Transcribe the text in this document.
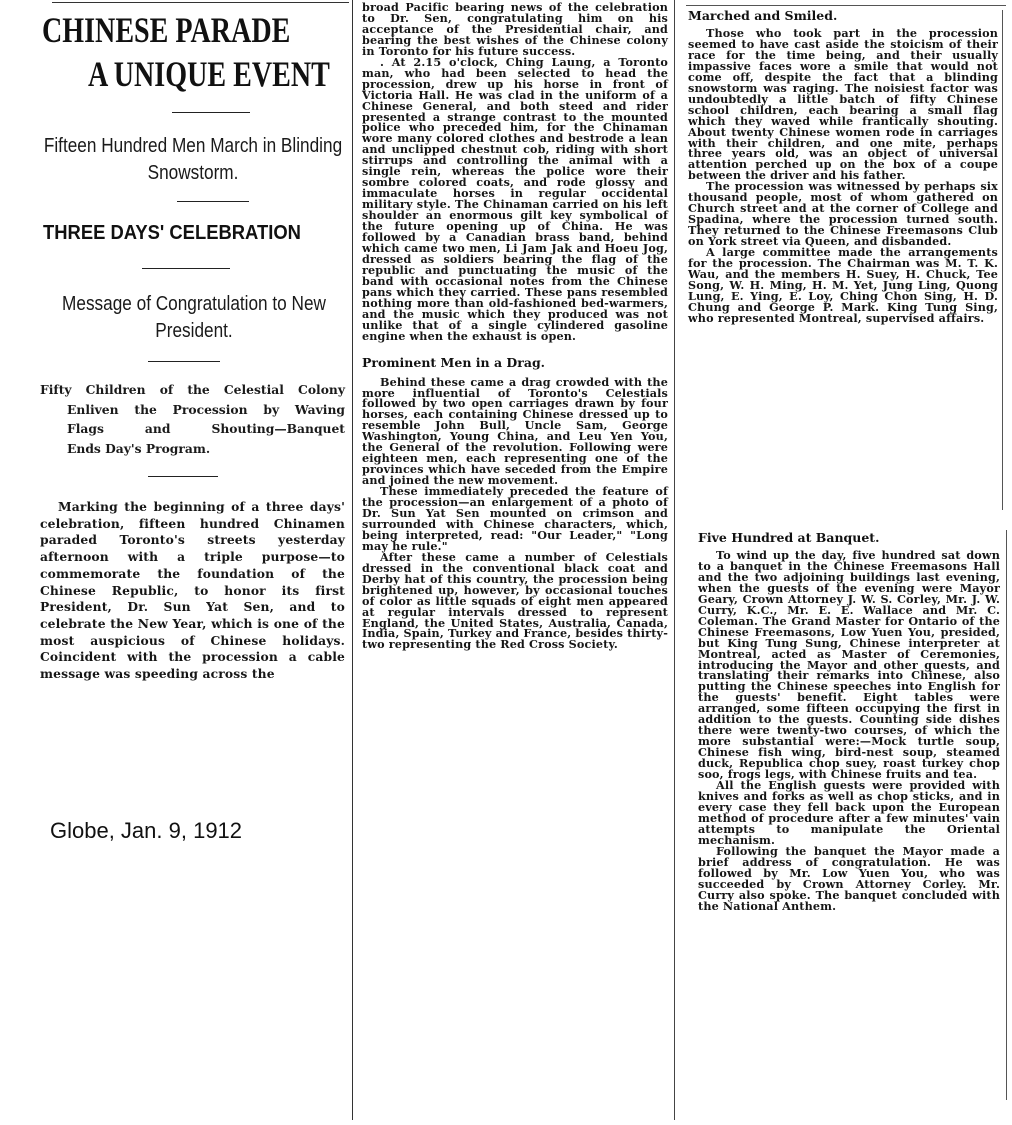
CHINESE PARADE
A UNIQUE EVENT
Fifteen Hundred Men March in Blinding Snowstorm.
THREE DAYS' CELEBRATION
Message of Congratulation to New President.
Fifty Children of the Celestial Colony
Enliven the Procession by Waving
Flags and Shouting—Banquet
Ends Day's Program.

Marking the beginning of a three days' celebration, fifteen hundred Chinamen paraded Toronto's streets yesterday afternoon with a triple purpose—to commemorate the foundation of the Chinese Republic, to honor its first President, Dr. Sun Yat Sen, and to celebrate the New Year, which is one of the most auspicious of Chinese holidays. Coincident with the procession a cable message was speeding across the

Globe, Jan. 9, 1912

broad Pacific bearing news of the celebration to Dr. Sen, congratulating him on his acceptance of the Presidential chair, and bearing the best wishes of the Chinese colony in Toronto for his future success.

. At 2.15 o'clock, Ching Laung, a Toronto man, who had been selected to head the procession, drew up his horse in front of Victoria Hall. He was clad in the uniform of a Chinese General, and both steed and rider presented a strange contrast to the mounted police who preceded him, for the Chinaman wore many colored clothes and bestrode a lean and unclipped chestnut cob, riding with short stirrups and controlling the animal with a single rein, whereas the police wore their sombre colored coats, and rode glossy and immaculate horses in regular occidental military style. The Chinaman carried on his left shoulder an enormous gilt key symbolical of the future opening up of China. He was followed by a Canadian brass band, behind which came two men, Li Jam Jak and Hoeu Jog, dressed as soldiers bearing the flag of the republic and punctuating the music of the band with occasional notes from the Chinese pans which they carried. These pans resembled nothing more than old-fashioned bed-warmers, and the music which they produced was not unlike that of a single cylindered gasoline engine when the exhaust is open.

Prominent Men in a Drag.

Behind these came a drag crowded with the more influential of Toronto's Celestials followed by two open carriages drawn by four horses, each containing Chinese dressed up to resemble John Bull, Uncle Sam, George Washington, Young China, and Leu Yen You, the General of the revolution. Following were eighteen men, each representing one of the provinces which have seceded from the Empire and joined the new movement.

These immediately preceded the feature of the procession—an enlargement of a photo of Dr. Sun Yat Sen mounted on crimson and surrounded with Chinese characters, which, being interpreted, read: "Our Leader," "Long may he rule."

After these came a number of Celestials dressed in the conventional black coat and Derby hat of this country, the procession being brightened up, however, by occasional touches of color as little squads of eight men appeared at regular intervals dressed to represent England, the United States, Australia, Canada, India, Spain, Turkey and France, besides thirty-two representing the Red Cross Society.

Marched and Smiled.

Those who took part in the procession seemed to have cast aside the stoicism of their race for the time being, and their usually impassive faces wore a smile that would not come off, despite the fact that a blinding snowstorm was raging. The noisiest factor was undoubtedly a little batch of fifty Chinese school children, each bearing a small flag which they waved while frantically shouting. About twenty Chinese women rode in carriages with their children, and one mite, perhaps three years old, was an object of universal attention perched up on the box of a coupe between the driver and his father.

The procession was witnessed by perhaps six thousand people, most of whom gathered on Church street and at the corner of College and Spadina, where the procession turned south. They returned to the Chinese Freemasons Club on York street via Queen, and disbanded.

A large committee made the arrangements for the procession. The Chairman was M. T. K. Wau, and the members H. Suey, H. Chuck, Tee Song, W. H. Ming, H. M. Yet, Jung Ling, Quong Lung, E. Ying, E. Loy, Ching Chon Sing, H. D. Chung and George P. Mark. King Tung Sing, who represented Montreal, supervised affairs.

Five Hundred at Banquet.

To wind up the day, five hundred sat down to a banquet in the Chinese Freemasons Hall and the two adjoining buildings last evening, when the guests of the evening were Mayor Geary, Crown Attorney J. W. S. Corley, Mr. J. W. Curry, K.C., Mr. E. E. Wallace and Mr. C. Coleman. The Grand Master for Ontario of the Chinese Freemasons, Low Yuen You, presided, but King Tung Sung, Chinese interpreter at Montreal, acted as Master of Ceremonies, introducing the Mayor and other guests, and translating their remarks into Chinese, also putting the Chinese speeches into English for the guests' benefit. Eight tables were arranged, some fifteen occupying the first in addition to the guests. Counting side dishes there were twenty-two courses, of which the more substantial were:—Mock turtle soup, Chinese fish wing, bird-nest soup, steamed duck, Republica chop suey, roast turkey chop soo, frogs legs, with Chinese fruits and tea.

All the English guests were provided with knives and forks as well as chop sticks, and in every case they fell back upon the European method of procedure after a few minutes' vain attempts to manipulate the Oriental mechanism.

Following the banquet the Mayor made a brief address of congratulation. He was followed by Mr. Low Yuen You, who was succeeded by Crown Attorney Corley. Mr. Curry also spoke. The banquet concluded with the National Anthem.
